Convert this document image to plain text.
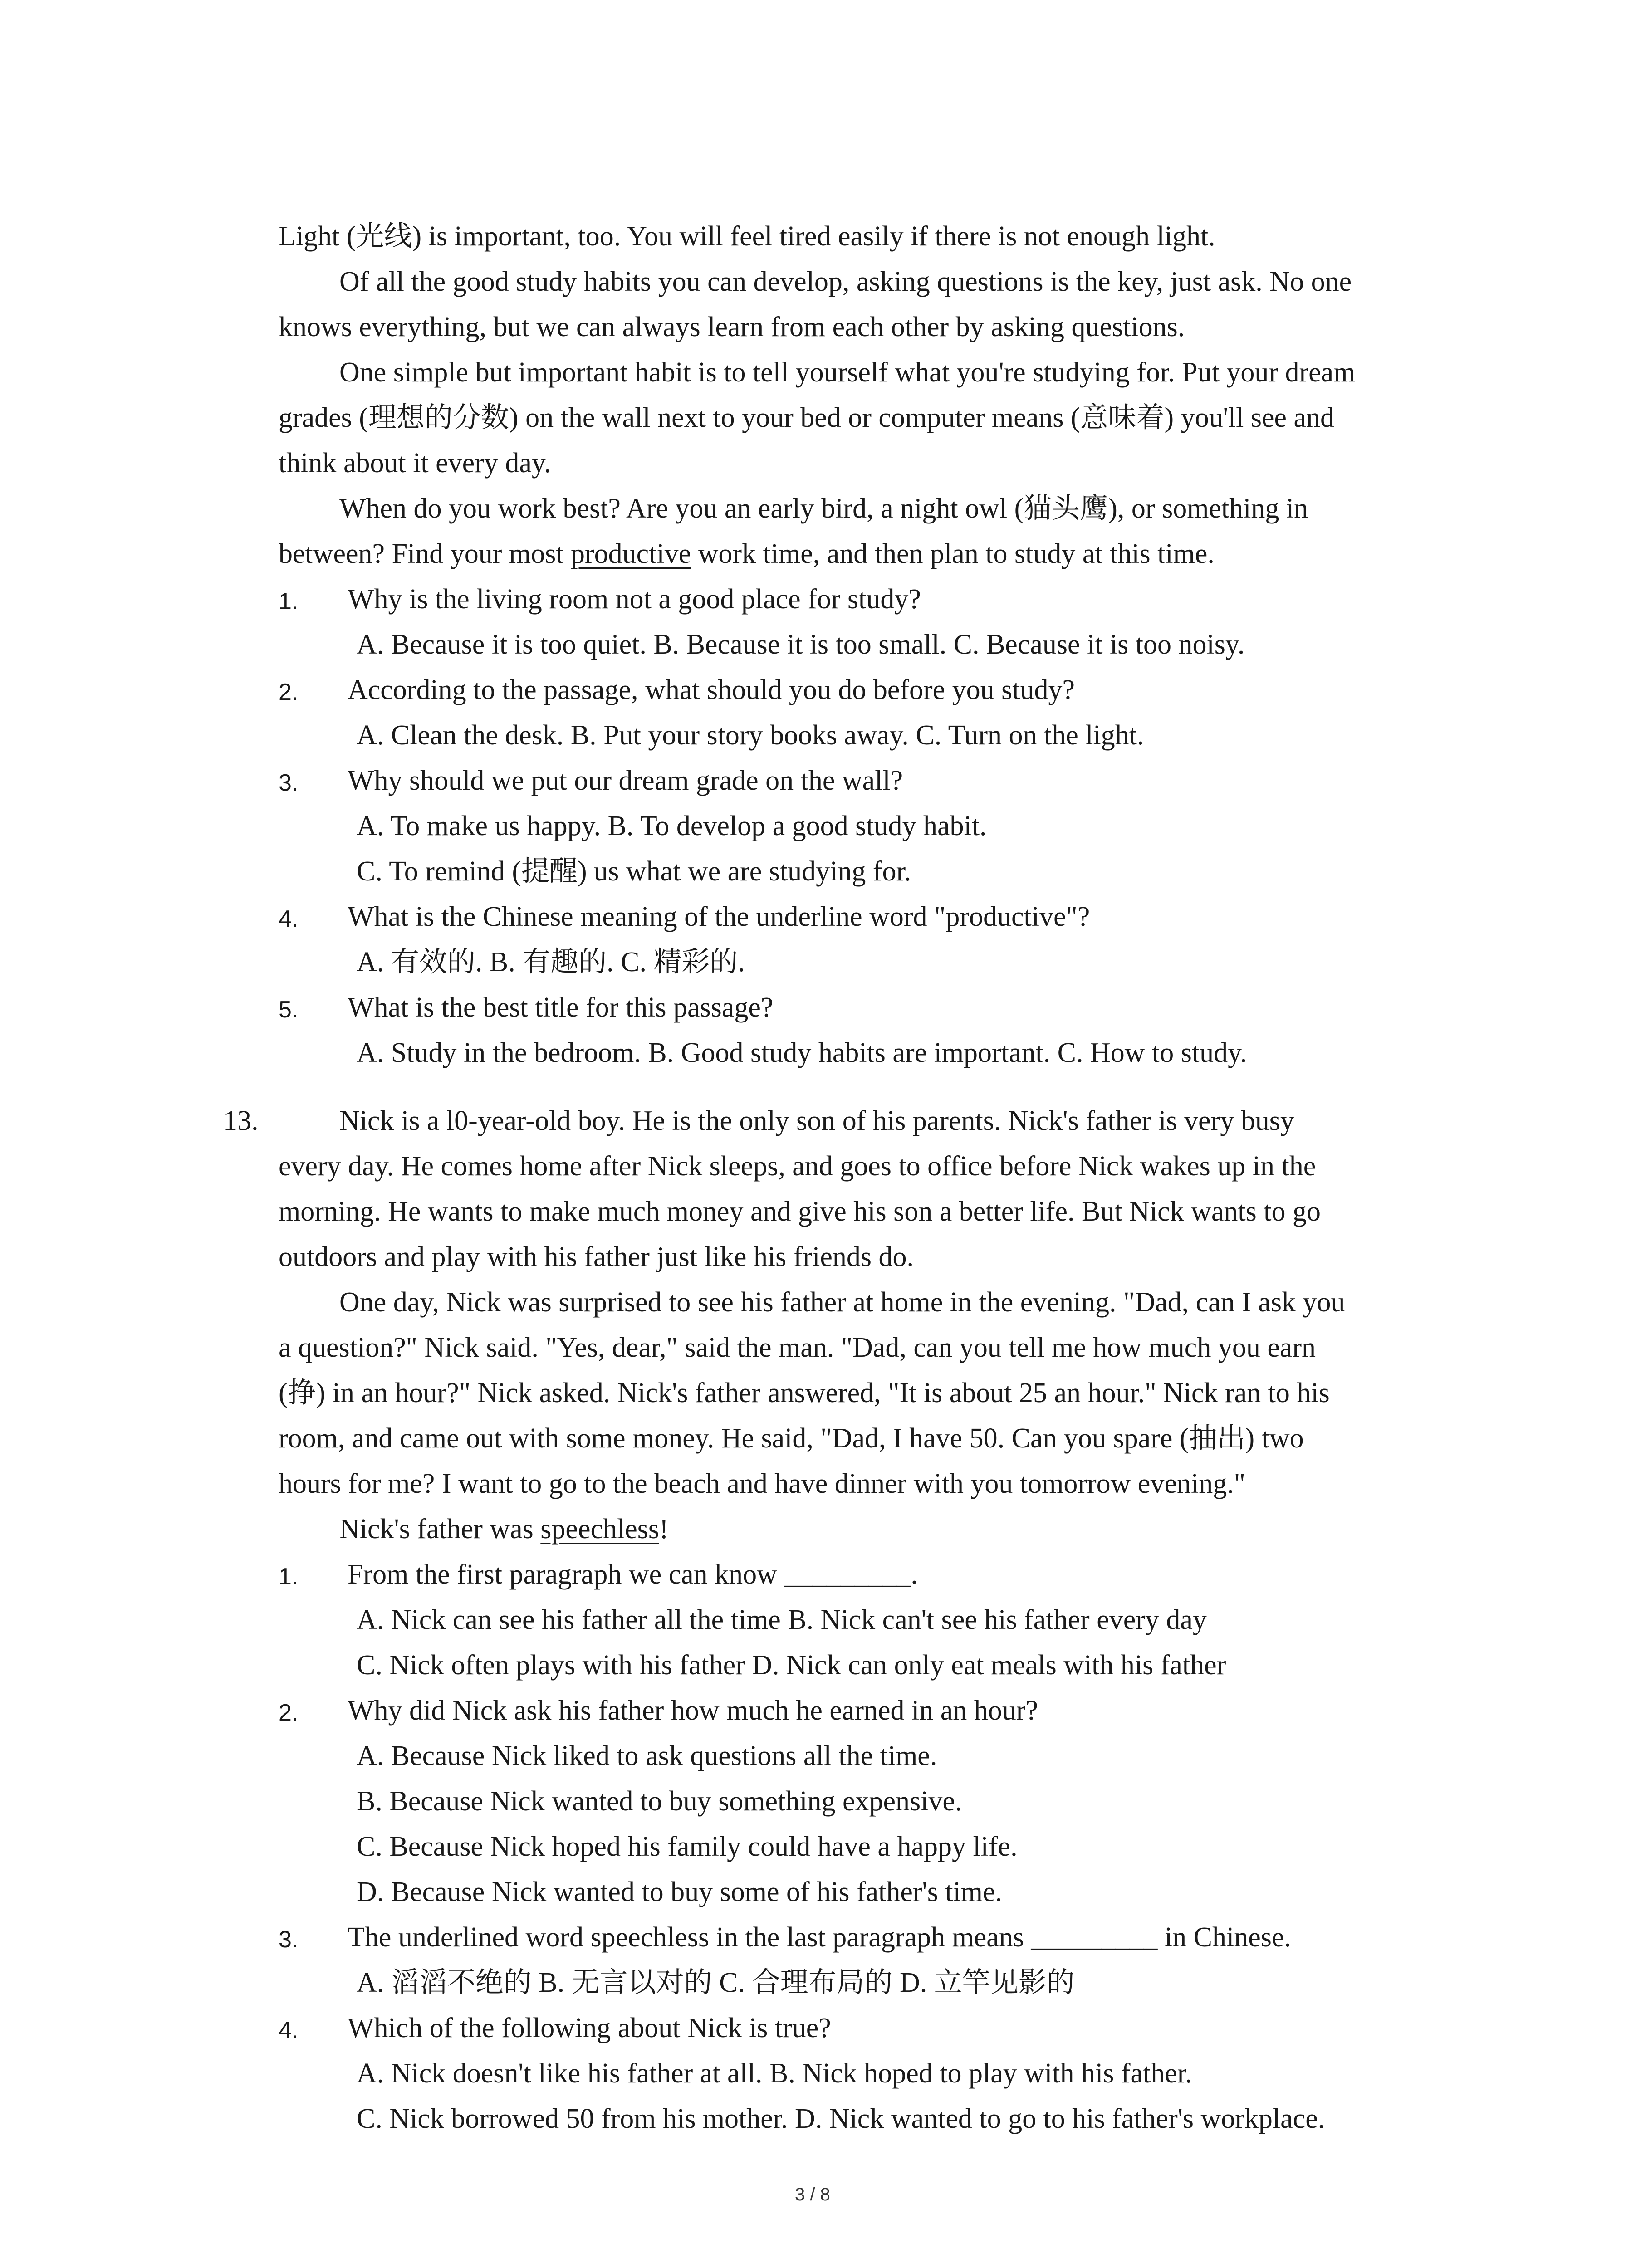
Light (光线) is important, too. You will feel tired easily if there is not enough light.
Of all the good study habits you can develop, asking questions is the key, just ask. No one
knows everything, but we can always learn from each other by asking questions.
One simple but important habit is to tell yourself what you're studying for. Put your dream
grades (理想的分数) on the wall next to your bed or computer means (意味着) you'll see and
think about it every day.
When do you work best? Are you an early bird, a night owl (猫头鹰), or something in
between? Find your most productive work time, and then plan to study at this time.
1. Why is the living room not a good place for study?
A. Because it is too quiet. B. Because it is too small. C. Because it is too noisy.
2. According to the passage, what should you do before you study?
A. Clean the desk. B. Put your story books away. C. Turn on the light.
3. Why should we put our dream grade on the wall?
A. To make us happy. B. To develop a good study habit.
C. To remind (提醒) us what we are studying for.
4. What is the Chinese meaning of the underline word "productive"?
A. 有效的. B. 有趣的. C. 精彩的.
5. What is the best title for this passage?
A. Study in the bedroom. B. Good study habits are important. C. How to study.
13.	Nick is a l0-year-old boy. He is the only son of his parents. Nick's father is very busy
every day. He comes home after Nick sleeps, and goes to office before Nick wakes up in the
morning. He wants to make much money and give his son a better life. But Nick wants to go
outdoors and play with his father just like his friends do.
One day, Nick was surprised to see his father at home in the evening. "Dad, can I ask you
a question?" Nick said. "Yes, dear," said the man. "Dad, can you tell me how much you earn
(挣) in an hour?" Nick asked. Nick's father answered, "It is about 25 an hour." Nick ran to his
room, and came out with some money. He said, "Dad, I have 50. Can you spare (抽出) two
hours for me? I want to go to the beach and have dinner with you tomorrow evening."
Nick's father was speechless!
1. From the first paragraph we can know _________.
A. Nick can see his father all the time B. Nick can't see his father every day
C. Nick often plays with his father D. Nick can only eat meals with his father
2. Why did Nick ask his father how much he earned in an hour?
A. Because Nick liked to ask questions all the time.
B. Because Nick wanted to buy something expensive.
C. Because Nick hoped his family could have a happy life.
D. Because Nick wanted to buy some of his father's time.
3. The underlined word speechless in the last paragraph means _________ in Chinese.
A. 滔滔不绝的 B. 无言以对的 C. 合理布局的 D. 立竿见影的
4. Which of the following about Nick is true?
A. Nick doesn't like his father at all. B. Nick hoped to play with his father.
C. Nick borrowed 50 from his mother. D. Nick wanted to go to his father's workplace.
3 / 8
